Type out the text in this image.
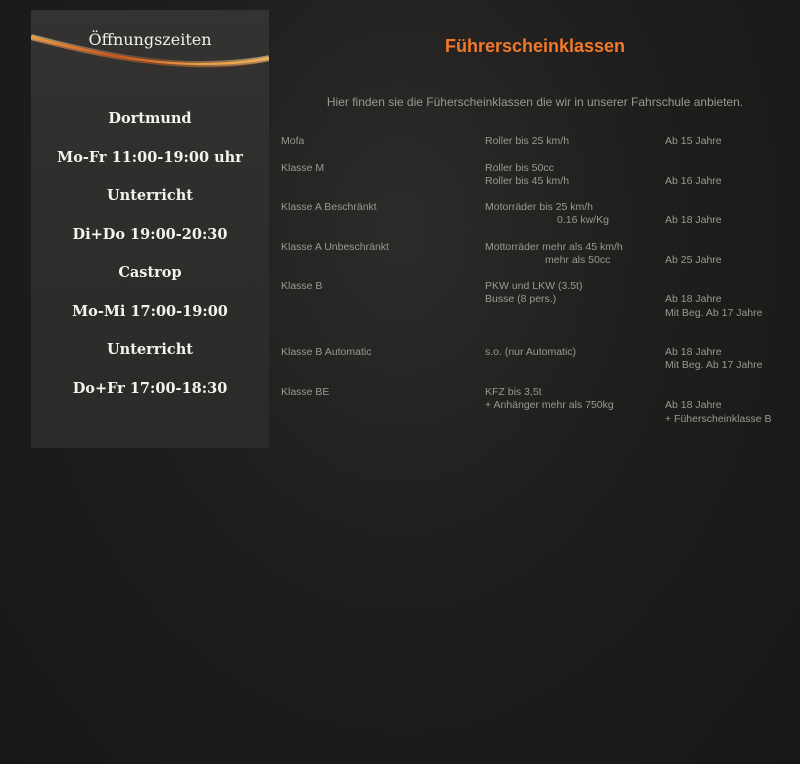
Öffnungszeiten
Dortmund
Mo-Fr 11:00-19:00 uhr
Unterricht
Di+Do 19:00-20:30
Castrop
Mo-Mi 17:00-19:00
Unterricht
Do+Fr 17:00-18:30
Führerscheinklassen

Hier finden sie die Füherscheinklassen die wir in unserer Fahrschule anbieten.

Mofa	Roller bis 25 km/h	Ab 15 Jahre
Klasse M	Roller bis 50cc
Roller bis 45 km/h
	Ab 16 Jahre
Klasse A Beschränkt	Motorräder bis 25 km/h
0.16 kw/Kg
	Ab 18 Jahre
Klasse A Unbeschränkt	Mottorräder mehr als 45 km/h
mehr als 50cc
	Ab 25 Jahre
Klasse B	PKW und LKW (3.5t)
Busse (8 pers.)
	Ab 18 Jahre
Mit Beg. Ab 17 Jahre
Klasse B Automatic	s.o. (nur Automatic)	Ab 18 Jahre
Mit Beg. Ab 17 Jahre
Klasse BE	KFZ bis 3,5t
+ Anhänger mehr als 750kg
	Ab 18 Jahre
+ Füherscheinklasse B
